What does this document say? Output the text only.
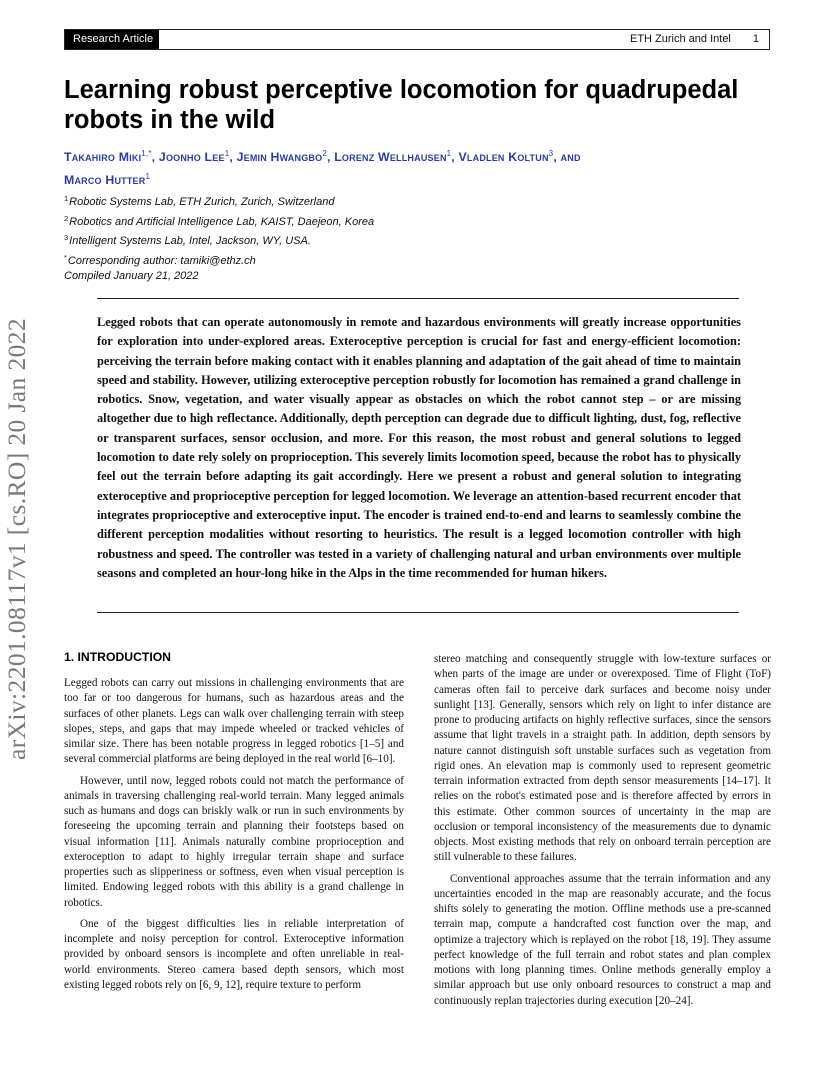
Research Article	ETH Zurich and Intel 1
Learning robust perceptive locomotion for quadrupedal robots in the wild
Takahiro Miki$^{1,*}$, Joonho Lee$^1$, Jemin Hwangbo$^2$, Lorenz Wellhausen$^1$, Vladlen Koltun$^3$, and
Marco Hutter$^1$
$^1$Robotic Systems Lab, ETH Zurich, Zurich, Switzerland
$^2$Robotics and Artificial Intelligence Lab, KAIST, Daejeon, Korea
$^3$Intelligent Systems Lab, Intel, Jackson, WY, USA.
*Corresponding author: tamiki@ethz.ch
Compiled January 21, 2022

Legged robots that can operate autonomously in remote and hazardous environments will greatly increase opportunities for exploration into under-explored areas. Exteroceptive perception is crucial for fast and energy-efficient locomotion: perceiving the terrain before making contact with it enables planning and adaptation of the gait ahead of time to maintain speed and stability. However, utilizing exteroceptive perception robustly for locomotion has remained a grand challenge in robotics. Snow, vegetation, and water visually appear as obstacles on which the robot cannot step – or are missing altogether due to high reflectance. Additionally, depth perception can degrade due to difficult lighting, dust, fog, reflective or transparent surfaces, sensor occlusion, and more. For this reason, the most robust and general solutions to legged locomotion to date rely solely on proprioception. This severely limits locomotion speed, because the robot has to physically feel out the terrain before adapting its gait accordingly. Here we present a robust and general solution to integrating exteroceptive and proprioceptive perception for legged locomotion. We leverage an attention-based recurrent encoder that integrates proprioceptive and exteroceptive input. The encoder is trained end-to-end and learns to seamlessly combine the different perception modalities without resorting to heuristics. The result is a legged locomotion controller with high robustness and speed. The controller was tested in a variety of challenging natural and urban environments over multiple seasons and completed an hour-long hike in the Alps in the time recommended for human hikers.

arXiv:2201.08117v1 [cs.RO] 20 Jan 2022	1. INTRODUCTION

Legged robots can carry out missions in challenging environments that are too far or too dangerous for humans, such as hazardous areas and the surfaces of other planets. Legs can walk over challenging terrain with steep slopes, steps, and gaps that may impede wheeled or tracked vehicles of similar size. There has been notable progress in legged robotics [1–5] and several commercial platforms are being deployed in the real world [6–10].

However, until now, legged robots could not match the performance of animals in traversing challenging real-world terrain. Many legged animals such as humans and dogs can briskly walk or run in such environments by foreseeing the upcoming terrain and planning their footsteps based on visual information [11]. Animals naturally combine proprioception and exteroception to adapt to highly irregular terrain shape and surface properties such as slipperiness or softness, even when visual perception is limited. Endowing legged robots with this ability is a grand challenge in robotics.

One of the biggest difficulties lies in reliable interpretation of incomplete and noisy perception for control. Exteroceptive information provided by onboard sensors is incomplete and often unreliable in real-world environments. Stereo camera based depth sensors, which most existing legged robots rely on [6, 9, 12], require texture to perform

stereo matching and consequently struggle with low-texture surfaces or when parts of the image are under or overexposed. Time of Flight (ToF) cameras often fail to perceive dark surfaces and become noisy under sunlight [13]. Generally, sensors which rely on light to infer distance are prone to producing artifacts on highly reflective surfaces, since the sensors assume that light travels in a straight path. In addition, depth sensors by nature cannot distinguish soft unstable surfaces such as vegetation from rigid ones. An elevation map is commonly used to represent geometric terrain information extracted from depth sensor measurements [14–17]. It relies on the robot's estimated pose and is therefore affected by errors in this estimate. Other common sources of uncertainty in the map are occlusion or temporal inconsistency of the measurements due to dynamic objects. Most existing methods that rely on onboard terrain perception are still vulnerable to these failures.

Conventional approaches assume that the terrain information and any uncertainties encoded in the map are reasonably accurate, and the focus shifts solely to generating the motion. Offline methods use a pre-scanned terrain map, compute a handcrafted cost function over the map, and optimize a trajectory which is replayed on the robot [18, 19]. They assume perfect knowledge of the full terrain and robot states and plan complex motions with long planning times. Online methods generally employ a similar approach but use only onboard resources to construct a map and continuously replan trajectories during execution [20–24].
